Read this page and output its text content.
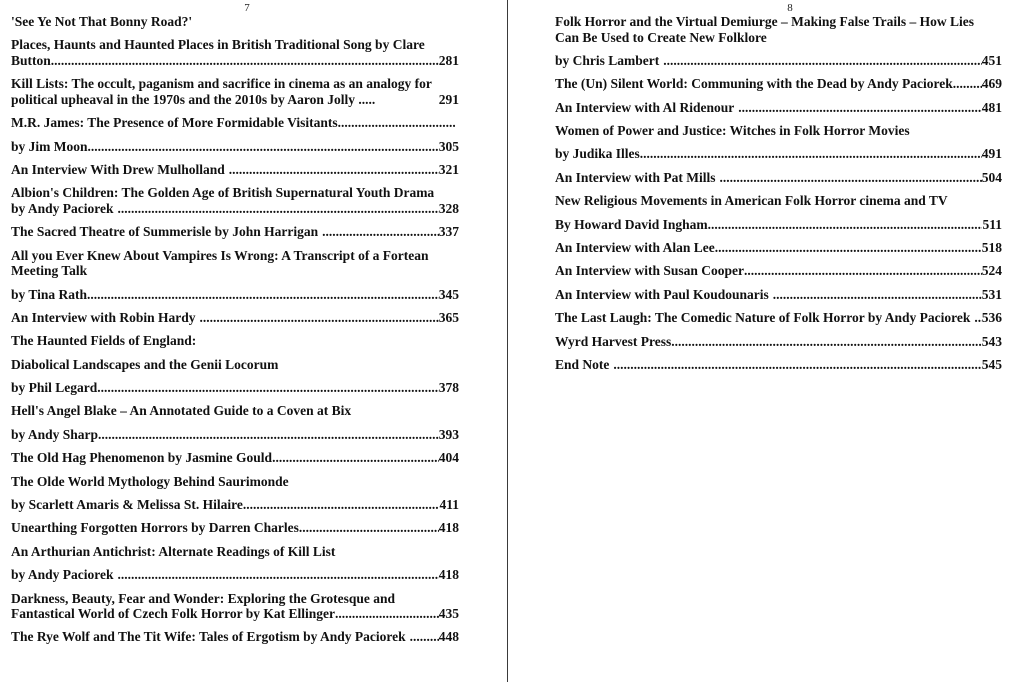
7	8
'See Ye Not That Bonny Road?'
Places, Haunts and Haunted Places in British Traditional Song by Clare
Button .....	281
Kill Lists: The occult, paganism and sacrifice in cinema as an analogy for
political upheaval in the 1970s and the 2010s by Aaron Jolly .....	291
M.R. James: The Presence of More Formidable Visitants
.....
by Jim Moon .....	305
An Interview With Drew Mulholland .....	321
Albion's Children: The Golden Age of British Supernatural Youth Drama
by Andy Paciorek .....	328
The Sacred Theatre of Summerisle by John Harrigan .....	337
All you Ever Knew About Vampires Is Wrong: A Transcript of a Fortean
Meeting Talk
by Tina Rath .....	345
An Interview with Robin Hardy .....	365
The Haunted Fields of England:
Diabolical Landscapes and the Genii Locorum
by Phil Legard .....	378
Hell's Angel Blake – An Annotated Guide to a Coven at Bix
by Andy Sharp .....	393
The Old Hag Phenomenon by Jasmine Gould .....	404
The Olde World Mythology Behind Saurimonde
by Scarlett Amaris & Melissa St. Hilaire .....	411
Unearthing Forgotten Horrors by Darren Charles .....	418
An Arthurian Antichrist: Alternate Readings of Kill List
by Andy Paciorek .....	418
Darkness, Beauty, Fear and Wonder: Exploring the Grotesque and
Fantastical World of Czech Folk Horror by Kat Ellinger .....	435
The Rye Wolf and The Tit Wife: Tales of Ergotism by Andy Paciorek ..... 448
Folk Horror and the Virtual Demiurge – Making False Trails – How Lies
Can Be Used to Create New Folklore
by Chris Lambert .....	451
The (Un) Silent World: Communing with the Dead by Andy Paciorek ..... 469
An Interview with Al Ridenour .....	481
Women of Power and Justice: Witches in Folk Horror Movies
by Judika Illes .....	491
An Interview with Pat Mills .....	504
New Religious Movements in American Folk Horror cinema and TV
By Howard David Ingham .....	511
An Interview with Alan Lee .....	518
An Interview with Susan Cooper .....	524
An Interview with Paul Koudounaris .....	531
The Last Laugh: The Comedic Nature of Folk Horror by Andy Paciorek ..... 536
Wyrd Harvest Press .....	543
End Note .....	545
